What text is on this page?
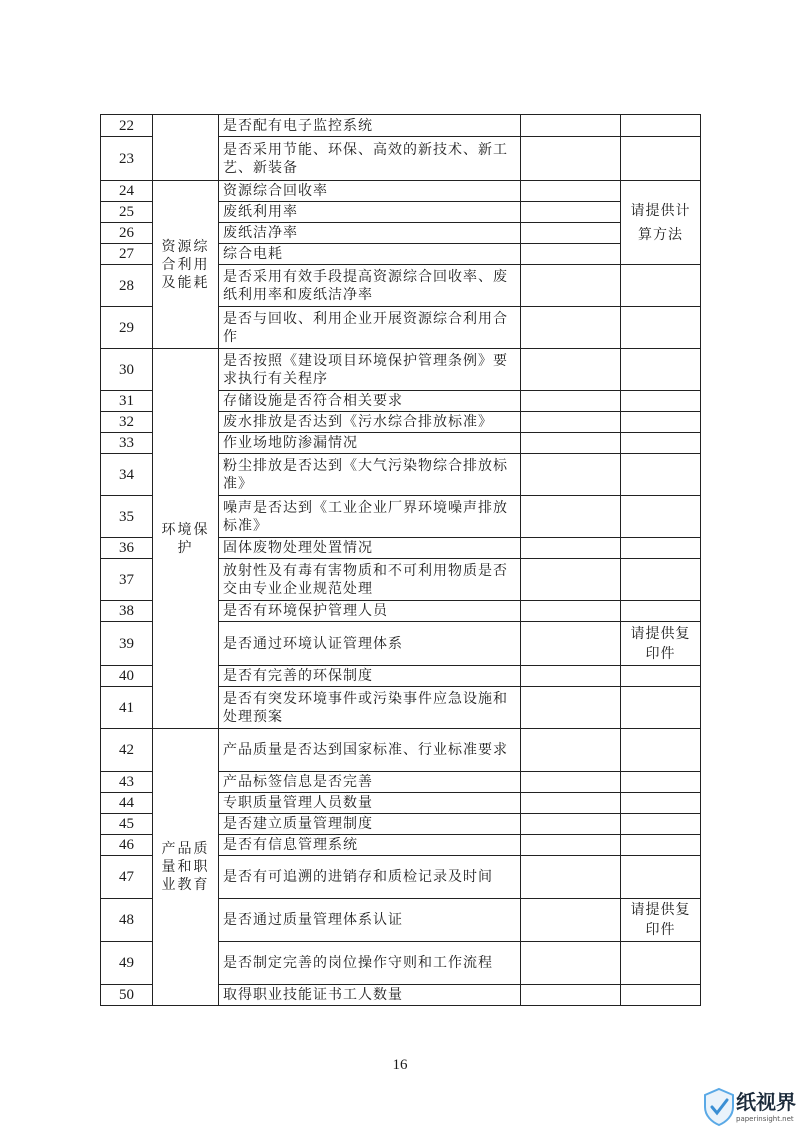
22		是否配有电子监控系统		
23		是否采用节能、环保、高效的新技术、新工艺、新装备		
24	资源综合利用及能耗	资源综合回收率		请提供计算方法

25		废纸利用率		
26		废纸洁净率		
27		综合电耗		
28		是否采用有效手段提高资源综合回收率、废纸利用率和废纸洁净率		
29		是否与回收、利用企业开展资源综合利用合作		
30	环境保护	是否按照《建设项目环境保护管理条例》要求执行有关程序		
31		存储设施是否符合相关要求		
32		废水排放是否达到《污水综合排放标准》		
33		作业场地防渗漏情况		
34		粉尘排放是否达到《大气污染物综合排放标准》		
35		噪声是否达到《工业企业厂界环境噪声排放标准》		
36		固体废物处理处置情况		
37		放射性及有毒有害物质和不可利用物质是否交由专业企业规范处理		
38		是否有环境保护管理人员		
39		是否通过环境认证管理体系		请提供复印件

40		是否有完善的环保制度		
41		是否有突发环境事件或污染事件应急设施和处理预案		
42	产品质量和职业教育	产品质量是否达到国家标准、行业标准要求		
43		产品标签信息是否完善		
44		专职质量管理人员数量		
45		是否建立质量管理制度		
46		是否有信息管理系统		
47		是否有可追溯的进销存和质检记录及时间		
48		是否通过质量管理体系认证		请提供复印件

49		是否制定完善的岗位操作守则和工作流程		
50		取得职业技能证书工人数量		
16
纸视界
paperinsight.net
